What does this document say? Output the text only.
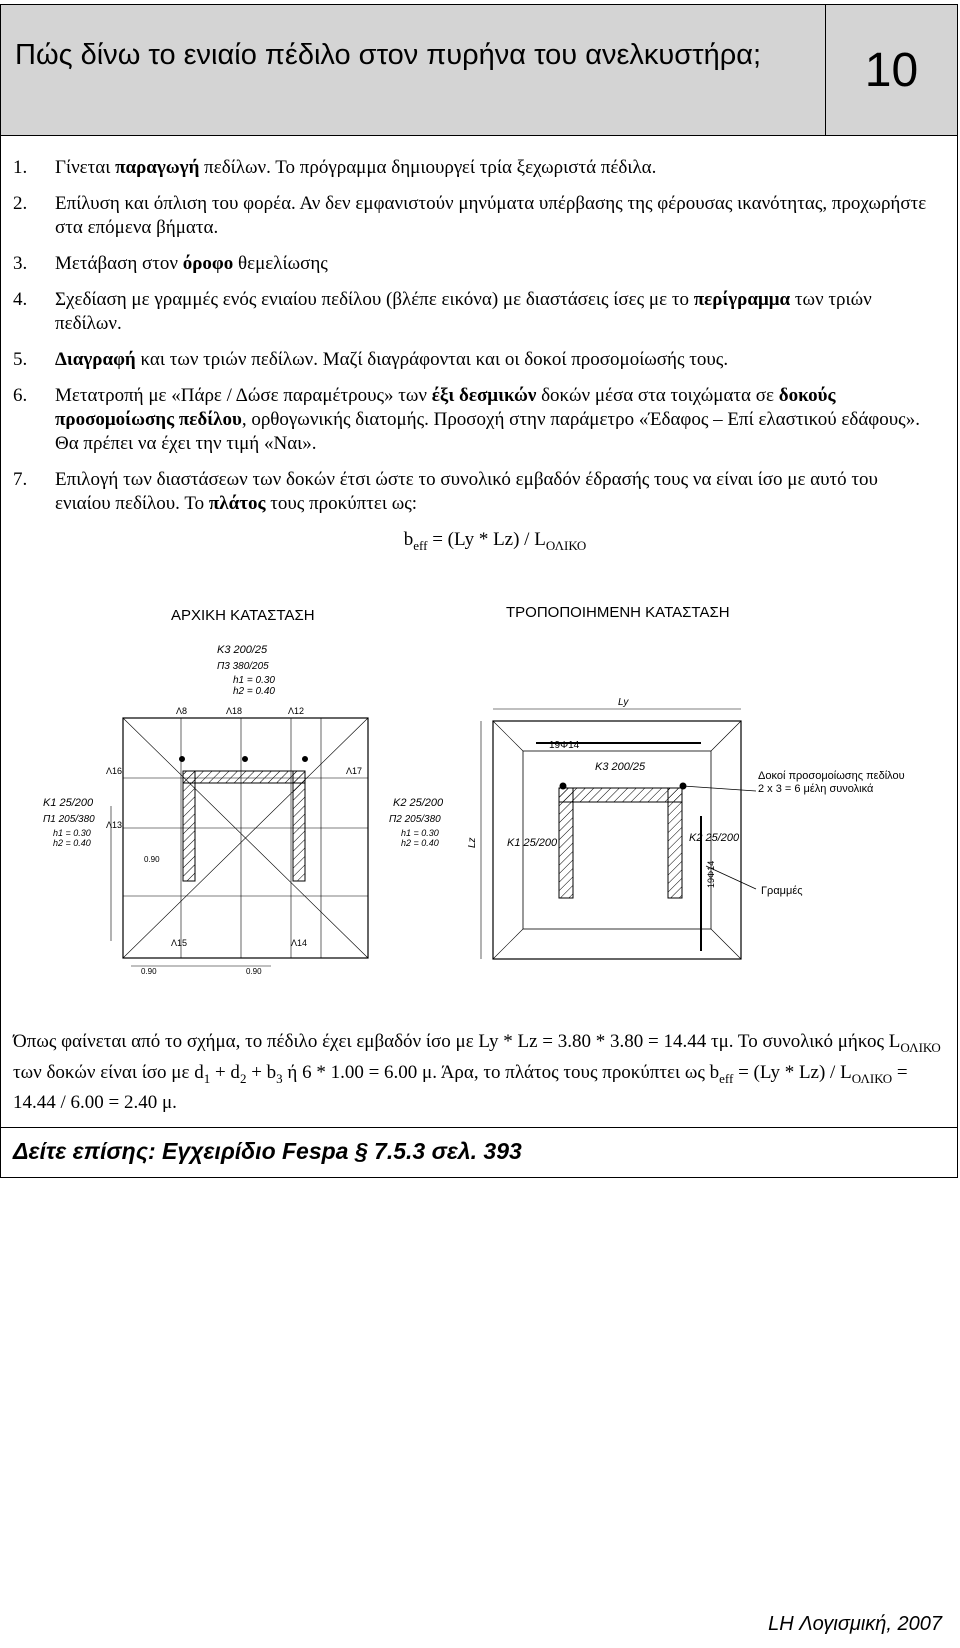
Πώς δίνω το ενιαίο πέδιλο στον πυρήνα του ανελκυστήρα;	10
1.	Γίνεται παραγωγή πεδίλων. Το πρόγραμμα δημιουργεί τρία ξεχωριστά πέδιλα.
2.	Επίλυση και όπλιση του φορέα. Αν δεν εμφανιστούν μηνύματα υπέρβασης της φέρουσας ικανότητας, προχωρήστε στα επόμενα βήματα.
3.	Μετάβαση στον όροφο θεμελίωσης
4.	Σχεδίαση με γραμμές ενός ενιαίου πεδίλου (βλέπε εικόνα) με διαστάσεις ίσες με το περίγραμμα των τριών πεδίλων.
5.	Διαγραφή και των τριών πεδίλων. Μαζί διαγράφονται και οι δοκοί προσομοίωσής τους.
6.	Μετατροπή με «Πάρε / Δώσε παραμέτρους» των έξι δεσμικών δοκών μέσα στα τοιχώματα σε δοκούς προσομοίωσης πεδίλου, ορθογωνικής διατομής. Προσοχή στην παράμετρο «Έδαφος – Επί ελαστικού εδάφους». Θα πρέπει να έχει την τιμή «Ναι».
7.	Επιλογή των διαστάσεων των δοκών έτσι ώστε το συνολικό εμβαδόν έδρασής τους να είναι ίσο με αυτό του ενιαίου πεδίλου. Το πλάτος τους προκύπτει ως:
$b_{eff} = (Ly * Lz) / L_{O\Lambda IKO}$
ΑΡΧΙΚΗ ΚΑΤΑΣΤΑΣΗ	ΤΡΟΠΟΠΟΙΗΜΕΝΗ ΚΑΤΑΣΤΑΣΗ
Κ3 200/25
Π3 380/205
h1 = 0.30
h2 = 0.40
Λ8	Λ18	Λ12
Λ16	Λ17
Λ15
Λ13
Λ14
Κ1 25/200
Π1 205/380
h1 = 0.30
h2 = 0.40
Κ2 25/200
Π2 205/380
h1 = 0.30
h2 = 0.40
0.90
0.90	0.90
Ly
Lz
19Φ14
19Φ14
Κ3 200/25
Κ1 25/200	Κ2 25/200
Δοκοί προσομοίωσης πεδίλου
2 x 3 = 6 μέλη συνολικά
Γραμμές
Όπως φαίνεται από το σχήμα, το πέδιλο έχει εμβαδόν ίσο με Ly * Lz = 3.80 * 3.80 = 14.44 τμ. Το συνολικό μήκος $L_{O\Lambda IKO}$ των δοκών είναι ίσο με $d_1 + d_2 + b_3$ ή 6 * 1.00 = 6.00 μ. Άρα, το πλάτος τους προκύπτει ως $b_{eff} = (Ly * Lz) / L_{O\Lambda IKO} = 14.44 / 6.00 = 2.40$ μ.
Δείτε επίσης: Εγχειρίδιο Fespa § 7.5.3 σελ. 393
LH Λογισμική, 2007
